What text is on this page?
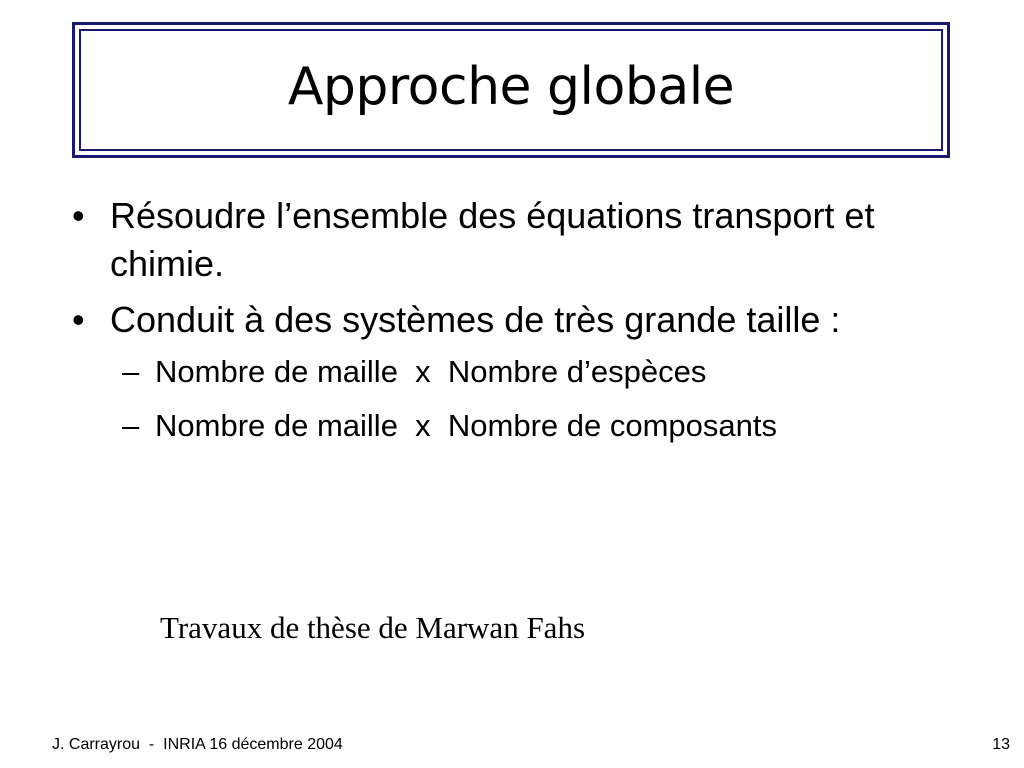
Approche globale
• Résoudre l’ensemble des équations transport et chimie.
• Conduit à des systèmes de très grande taille :
– Nombre de maille  x  Nombre d’espèces
– Nombre de maille  x  Nombre de composants
Travaux de thèse de Marwan Fahs
J. Carrayrou  -  INRIA 16 décembre 2004	13
